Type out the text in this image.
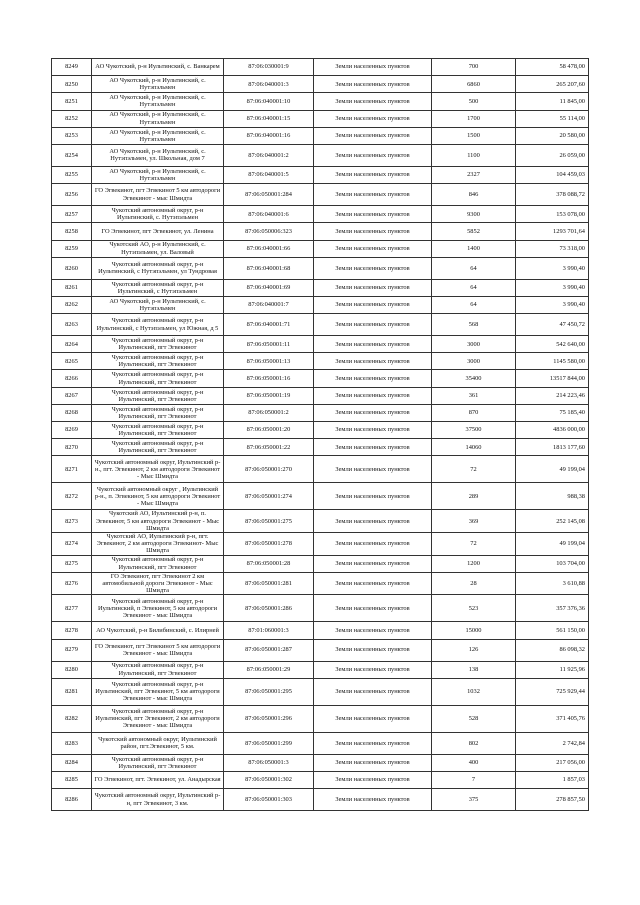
8249	АО Чукотский, р-н Иультинский, с. Ванкарем	87:06:030001:9	Земли населенных пунктов	700	58 478,00
8250	АО Чукотский, р-н Иультинский, с. Нутэпэльмен	87:06:040001:3	Земли населенных пунктов	6860	265 207,60
8251	АО Чукотский, р-н Иультинский, с. Нутэпэльмен	87:06:040001:10	Земли населенных пунктов	500	11 845,00
8252	АО Чукотский, р-н Иультинский, с. Нутэпэльмен	87:06:040001:15	Земли населенных пунктов	1700	55 114,00
8253	АО Чукотский, р-н Иультинский, с. Нутэпэльмен	87:06:040001:16	Земли населенных пунктов	1500	20 580,00
8254	АО Чукотский, р-н Иультинский, с. Нутэпэльмен, ул. Школьная, дом 7	87:06:040001:2	Земли населенных пунктов	1100	26 059,00
8255	АО Чукотский, р-н Иультинский, с. Нутэпэльмен	87:06:040001:5	Земли населенных пунктов	2327	104 459,03
8256	ГО Эгвекинот, пгт Эгвекинот 5 км автодороги Эгвекинот - мыс Шмидта	87:06:050001:284	Земли населенных пунктов	846	378 088,72
8257	Чукотский автономный округ, р-н Иультинский, с. Нутэпэльмен	87:06:040001:6	Земли населенных пунктов	9300	153 078,00
8258	ГО Эгвекинот, пгт Эгвекинот, ул. Ленина	87:06:050006:323	Земли населенных пунктов	5852	1293 701,64
8259	Чукотский АО, р-н Иультинский, с. Нутэпэльмен, ул. Валовый	87:06:040001:66	Земли населенных пунктов	1400	73 318,00
8260	Чукотский автономный округ, р-н Иультинский, с Нутэпэльмен, ул Тундровая	87:06:040001:68	Земли населенных пунктов	64	3 990,40
8261	Чукотский автономный округ, р-н Иультинский, с Нутэпэльмен	87:06:040001:69	Земли населенных пунктов	64	3 990,40
8262	АО Чукотский, р-н Иультинский, с. Нутэпэльмен	87:06:040001:7	Земли населенных пунктов	64	3 990,40
8263	Чукотский автономный округ, р-н Иультинский, с Нутэпэльмен, ул Южная, д 5	87:06:040001:71	Земли населенных пунктов	568	47 450,72
8264	Чукотский автономный округ, р-н Иультинский, пгт Эгвекинот	87:06:050001:11	Земли населенных пунктов	3000	542 640,00
8265	Чукотский автономный округ, р-н Иультинский, пгт Эгвекинот	87:06:050001:13	Земли населенных пунктов	3000	1145 580,00
8266	Чукотский автономный округ, р-н Иультинский, пгт Эгвекинот	87:06:050001:16	Земли населенных пунктов	35400	13517 844,00
8267	Чукотский автономный округ, р-н Иультинский, пгт Эгвекинот	87:06:050001:19	Земли населенных пунктов	361	214 223,46
8268	Чукотский автономный округ, р-н Иультинский, пгт Эгвекинот	87:06:050001:2	Земли населенных пунктов	870	75 185,40
8269	Чукотский автономный округ, р-н Иультинский, пгт Эгвекинот	87:06:050001:20	Земли населенных пунктов	37500	4836 000,00
8270	Чукотский автономный округ, р-н Иультинский, пгт Эгвекинот	87:06:050001:22	Земли населенных пунктов	14060	1813 177,60
8271	Чукотский автономный округ, Иультинский р-н., пгт. Эгвекинот, 2 км автодороги Эгвекинот - Мыс Шмидта	87:06:050001:270	Земли населенных пунктов	72	49 199,04
8272	Чукотский автономный округ , Иультинский р-н., п. Эгвекинот, 5 км автодороги Эгвекинот - Мыс Шмидта	87:06:050001:274	Земли населенных пунктов	289	988,38
8273	Чукотский АО, Иультинский р-н, п. Эгвекинот, 5 км автодороги Эгвекинот - Мыс Шмидта	87:06:050001:275	Земли населенных пунктов	369	252 145,08
8274	Чукотский АО, Иультинский р-н, пгт. Эгвекинот, 2 км автодороги Эгвекинот- Мыс Шмидта	87:06:050001:278	Земли населенных пунктов	72	49 199,04
8275	Чукотский автономный округ, р-н Иультинский, пгт Эгвекинот	87:06:050001:28	Земли населенных пунктов	1200	103 704,00
8276	ГО Эгвекинот, пгт Эгвекинот 2 км автомобильной дороги Эгвекинот - Мыс Шмидта	87:06:050001:281	Земли населенных пунктов	28	3 610,88
8277	Чукотский автономный округ, р-н Иультинский, п Эгвекинот, 5 км автодороги Эгвекинот - мыс Шмидта	87:06:050001:286	Земли населенных пунктов	523	357 376,36
8278	АО Чукотский, р-н Билибинский, с. Илирней	87:01:060001:3	Земли населенных пунктов	15000	561 150,00
8279	ГО Эгвекинот, пгт Эгвекинот 5 км автодороги Эгвекинот - мыс Шмидта	87:06:050001:287	Земли населенных пунктов	126	86 098,32
8280	Чукотский автономный округ, р-н Иультинский, пгт Эгвекинот	87:06:050001:29	Земли населенных пунктов	138	11 925,96
8281	Чукотский автономный округ, р-н Иультинский, пгт Эгвекинот, 5 км автодороги Эгвекинот - мыс Шмидта	87:06:050001:295	Земли населенных пунктов	1032	725 929,44
8282	Чукотский автономный округ, р-н Иультинский, пгт Эгвекинот, 2 км автодороги Эгвекинот - мыс Шмидта	87:06:050001:296	Земли населенных пунктов	528	371 405,76
8283	Чукотский автономный округ, Иультинский район, пгт.Эгвекинот, 5 км.	87:06:050001:299	Земли населенных пунктов	802	2 742,84
8284	Чукотский автономный округ, р-н Иультинский, пгт Эгвекинот	87:06:050001:3	Земли населенных пунктов	400	217 056,00
8285	ГО Эгвекинот, пгт. Эгвекинот, ул. Анадырская	87:06:050001:302	Земли населенных пунктов	7	1 857,03
8286	Чукотский автономный округ, Иультинский р-н, пгт Эгвекинот, 3 км.	87:06:050001:303	Земли населенных пунктов	375	278 857,50
